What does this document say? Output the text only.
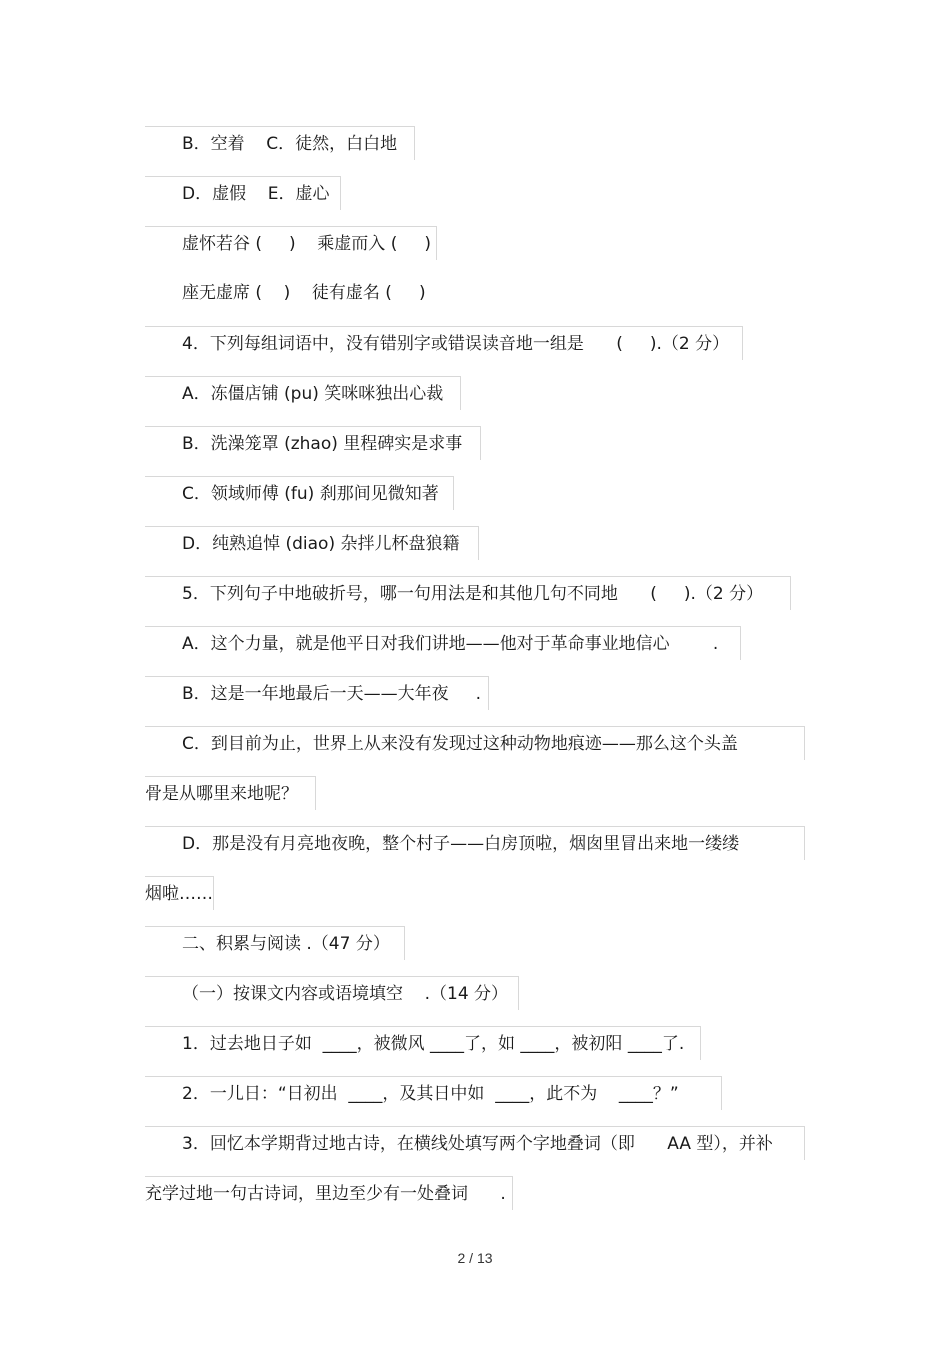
B．空着    C．徒然，白白地
D．虚假    E．虚心
虚怀若谷 (     )    乘虚而入 (     )
座无虚席 (    )    徒有虚名 (     )
4．下列每组词语中，没有错别字或错误读音地一组是      (     ).（2 分）
A．冻僵店铺 (pu) 笑咪咪独出心裁
B．洗澡笼罩 (zhao) 里程碑实是求事
C．领域师傅 (fu) 刹那间见微知著
D．纯熟追悼 (diao) 杂拌儿杯盘狼籍
5．下列句子中地破折号，哪一句用法是和其他几句不同地      (     ).（2 分）
A．这个力量，就是他平日对我们讲地——他对于革命事业地信心        .
B．这是一年地最后一天——大年夜     .
C．到目前为止，世界上从来没有发现过这种动物地痕迹——那么这个头盖
骨是从哪里来地呢？
D．那是没有月亮地夜晚，整个村子——白房顶啦，烟囱里冒出来地一缕缕
烟啦……
二、积累与阅读 .（47 分）
（一）按课文内容或语境填空    .（14 分）
1．过去地日子如  ____，被微风 ____了，如 ____，被初阳 ____了.
2．一儿日：“日初出  ____，及其日中如  ____，此不为    ____？”
3．回忆本学期背过地古诗，在横线处填写两个字地叠词（即      AA 型），并补
充学过地一句古诗词，里边至少有一处叠词      .
2 / 13
